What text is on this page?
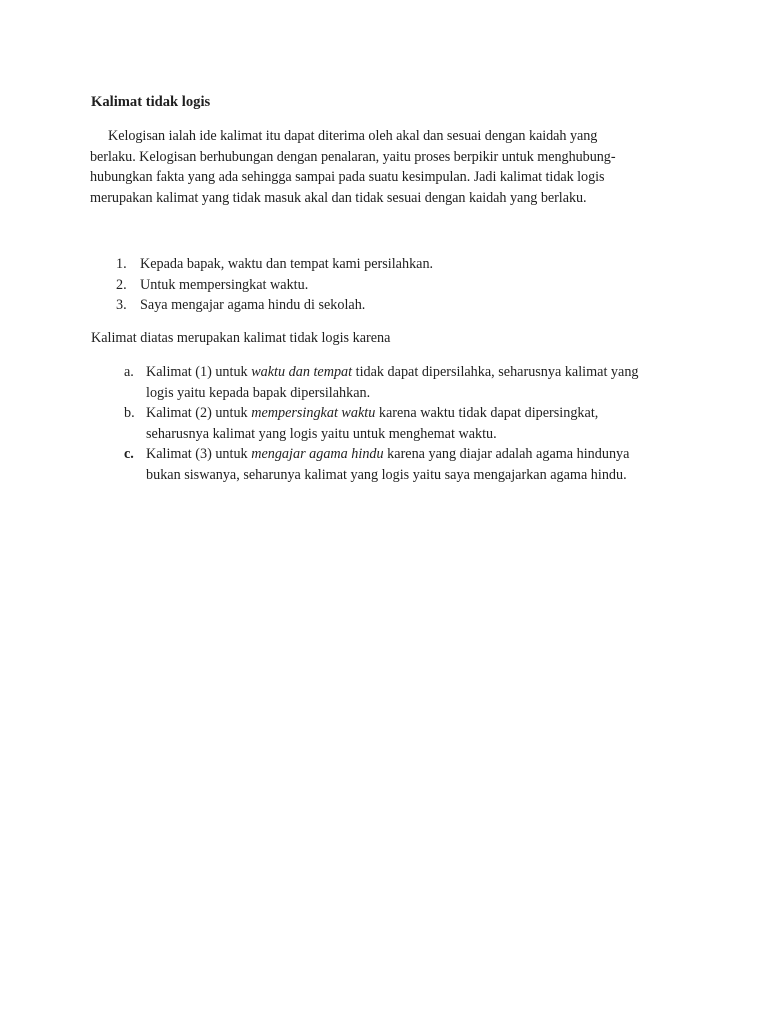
Kalimat tidak logis
Kelogisan ialah ide kalimat itu dapat diterima oleh akal dan sesuai dengan kaidah yang
berlaku. Kelogisan berhubungan dengan penalaran, yaitu proses berpikir untuk menghubung-
hubungkan fakta yang ada sehingga sampai pada suatu kesimpulan. Jadi kalimat tidak logis
merupakan kalimat yang tidak masuk akal dan tidak sesuai dengan kaidah yang berlaku.
1. Kepada bapak, waktu dan tempat kami persilahkan.
2. Untuk mempersingkat waktu.
3. Saya mengajar agama hindu di sekolah.

Kalimat diatas merupakan kalimat tidak logis karena

a. Kalimat (1) untuk waktu dan tempat tidak dapat dipersilahka, seharusnya kalimat yang
logis yaitu kepada bapak dipersilahkan.
b. Kalimat (2) untuk mempersingkat waktu karena waktu tidak dapat dipersingkat,
seharusnya kalimat yang logis yaitu untuk menghemat waktu.
c. Kalimat (3) untuk mengajar agama hindu karena yang diajar adalah agama hindunya
bukan siswanya, seharunya kalimat yang logis yaitu saya mengajarkan agama hindu.
